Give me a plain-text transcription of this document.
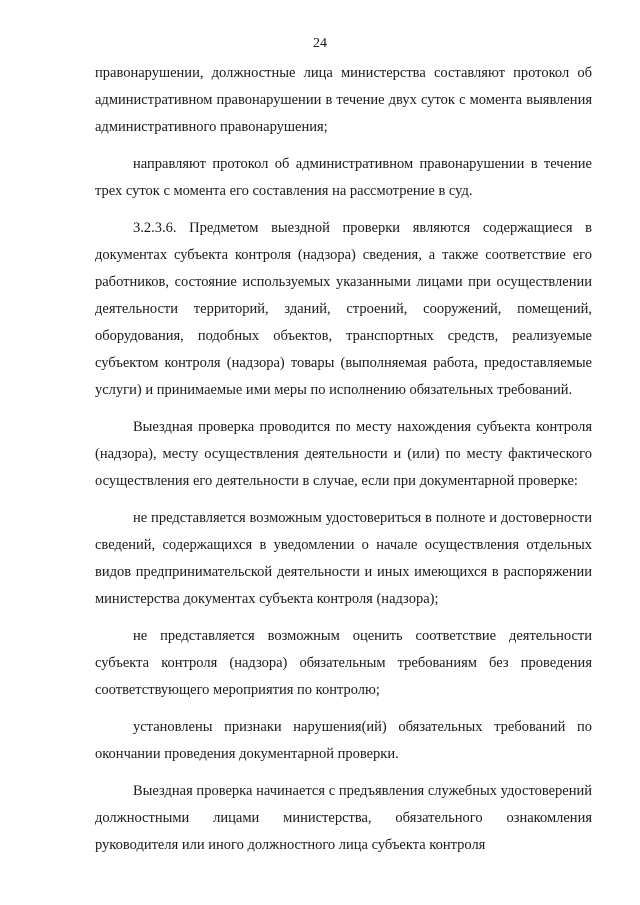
24

правонарушении, должностные лица министерства составляют протокол об административном правонарушении в течение двух суток с момента выявления административного правонарушения;

направляют протокол об административном правонарушении в течение трех суток с момента его составления на рассмотрение в суд.

3.2.3.6. Предметом выездной проверки являются содержащиеся в документах субъекта контроля (надзора) сведения, а также соответствие его работников, состояние используемых указанными лицами при осуществлении деятельности территорий, зданий, строений, сооружений, помещений, оборудования, подобных объектов, транспортных средств, реализуемые субъектом контроля (надзора) товары (выполняемая работа, предоставляемые услуги) и принимаемые ими меры по исполнению обязательных требований.

Выездная проверка проводится по месту нахождения субъекта контроля (надзора), месту осуществления деятельности и (или) по месту фактического осуществления его деятельности в случае, если при документарной проверке:

не представляется возможным удостовериться в полноте и достоверности сведений, содержащихся в уведомлении о начале осуществления отдельных видов предпринимательской деятельности и иных имеющихся в распоряжении министерства документах субъекта контроля (надзора);

не представляется возможным оценить соответствие деятельности субъекта контроля (надзора) обязательным требованиям без проведения соответствующего мероприятия по контролю;

установлены признаки нарушения(ий) обязательных требований по окончании проведения документарной проверки.

Выездная проверка начинается с предъявления служебных удостоверений должностными лицами министерства, обязательного ознакомления руководителя или иного должностного лица субъекта контроля
